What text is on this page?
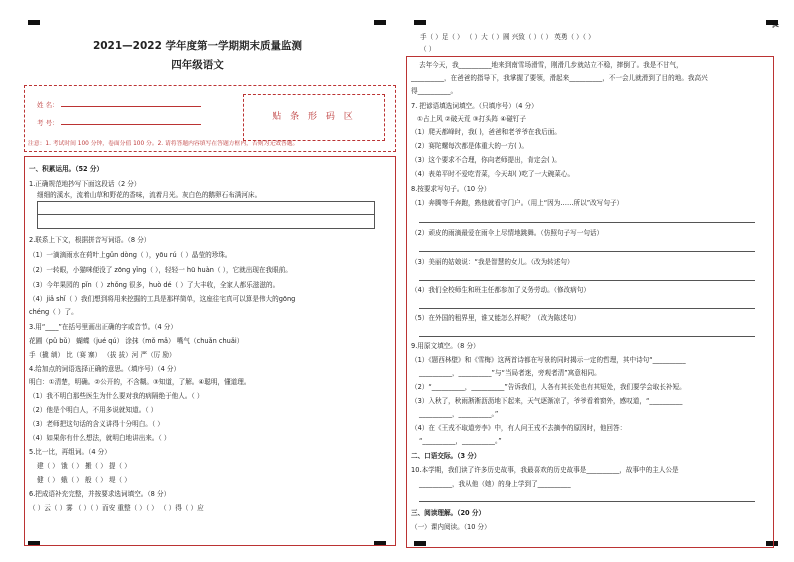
✂
2021—2022 学年度第一学期期末质量监测
四年级语文
姓 名：
考 号：
贴 条 形 码 区
注意：1. 考试时间 100 分钟，卷面分值 100 分。2. 请将答题内容填写在答题方框内，否则为无效答题。
一、积累运用。（52 分）
1.正确规范地抄写下面这段话（2 分）
细细的溪水，流着山草和野花的香味，流着月光。灰白色的鹅卵石布满河床。
2.联系上下文，根据拼音写词语。（8 分）
（1）一滴滴雨水在荷叶上ɡǔn dònɡ（ ），yōu rú（ ）晶莹的珍珠。
（2）一转眼，小猫咪便没了 zōnɡ yǐnɡ（ ），轻轻一 hū huàn（ ），它就出现在我眼前。
（3）今年果园的 pǐn（ ）zhǒnɡ 很多，huò dé（ ）了大丰收，全家人都乐滋滋的。
（4）jiǎ shǐ（ ）我们想到将用来挖掘的工具是那样简单，这座往宅真可以算是伟大的ɡōnɡ
chénɡ（ ）了。
3.用“____”在括号里画出正确的字或音节。（4 分）
花圃（pǔ bǔ） 蝴蝶（jué qú） 涂抹（mǒ mǎ） 嘴气（chuǎn chuǎi）
手（撬 绱） 比（赛 寨） （拔 拔）河 严（厉 励）
4.给加点的词语选择正确的意思。（填序号）（4 分）
明白：①清楚，明确。②公开的，不含糊。③知道，了解。④聪明，懂道理。
（1）我不明白那些医生为什么要对我的病隔绝于他人。（ ）
（2）他是个明白人，不用多说就知道。（ ）
（3）老师把这句话的含义讲得十分明白。（ ）
（4）如果你有什么想法，就明白地讲出来。（ ）
5.比一比，再组词。（4 分）
建（ ） 饿（ ） 搬（ ） 提（ ）
健（ ） 蛾（ ） 般（ ） 堤（ ）
6.把成语补充完整，并按要求选词填空。（8 分）
（ ）云（ ）雾 （ ）（ ）而安 重整（ ）（ ） （ ）得（ ）应
手（ ）足（ ） （ ）大（ ）圆 兴致（ ）（ ） 英勇（ ）（ ）
（ ）
去年今天，我__________地来到南雪场滑雪，刚滑几步就站立不稳，摔倒了。我是不甘气，
__________，在爸爸的指导下，我掌握了要领，滑起来__________，不一会儿就滑到了目的地。我高兴
得__________。
7. 把谚语填选词填空。（只填序号）（4 分）
①占上风 ②破天荒 ③打头阵 ④碰钉子
（1）爬天都峰时，我( )，爸爸和老爷爷在我后面。
（2）赛陀螺每次都是体重大的一方( )。
（3）这个要求不合理，你向老师提出，肯定会( )。
（4）表弟平时不爱吃青菜，今天却( )吃了一大碗菜心。
8.按要求写句子。（10 分）
（1）奔腾等千奔跑，熟他就看守门户。（用上“因为……所以”改写句子）
（2）顽皮的雨滴最爱在雨伞上尽情地跳舞。（仿照句子写一句话）
（3）美丽的姑娘说：“我是智慧的女儿。（改为转述句）
（4）我们全校师生和班主任都参加了义务劳动。（修改病句）
（5）在外国的租界里，谁又能怎么样呢？（改为陈述句）
9.用原文填空。（8 分）
（1）《题西林壁》和《雪梅》这两首诗都在写景的同时揭示一定的哲理，其中诗句“__________
__________，__________”与“当局者迷，旁观者清”寓意相同。
（2）“__________，__________”告诉我们，人各有其长处也有其短处，我们要学会取长补短。
（3）入秋了，秋雨淅淅沥沥地下起来，天气逐渐凉了，爷爷看着窗外，感叹道，“__________
__________，__________。”
（4）在《王戎不取道旁李》中，有人问王戎不去摘李的原因时，他回答：
“__________，__________。”
二、口语交际。（3 分）
10.本学期，我们读了许多历史故事，我最喜欢的历史故事是__________，故事中的主人公是
__________，我从他（她）的身上学到了__________
三、阅读理解。（20 分）
（一）课内阅读。（10 分）
